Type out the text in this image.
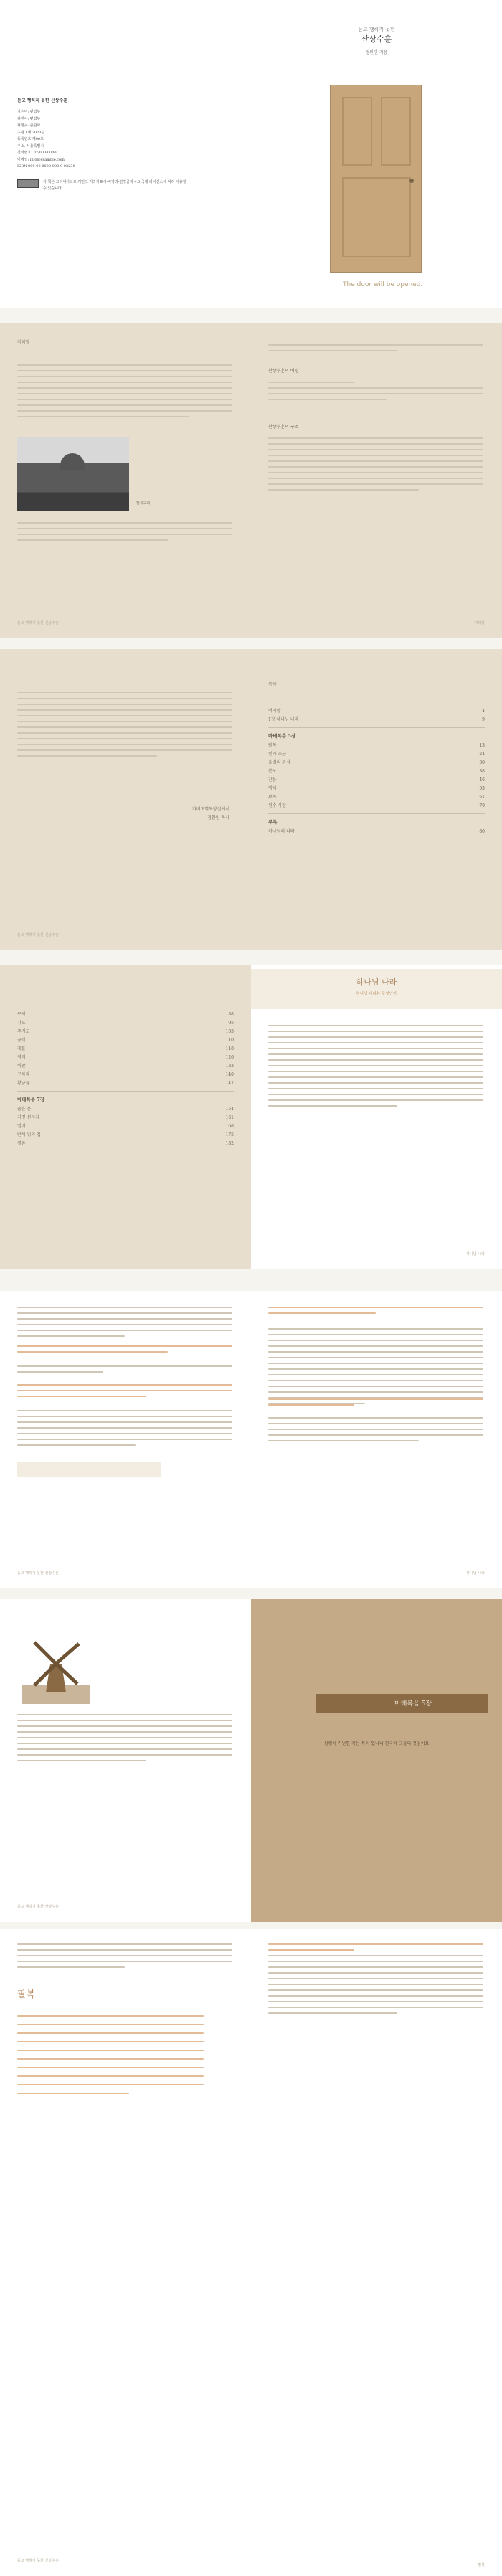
듣고 행하지 못한 산상수훈
지은이: 편집부
펴낸이: 편집부
펴낸곳: 출판사
초판 1쇄 2023년
등록번호 제00호
주소: 서울특별시
전화번호: 02-000-0000
이메일: info@example.com
ISBN 000-00-0000-000-0 03230
이 책은 크리에이티브 커먼즈 저작자표시-비영리-변경금지 4.0 국제 라이선스에 따라 이용할 수 있습니다.
듣고 행하지 못한
산상수훈
정완인 지음
The door will be opened.
머리말
팔복교회
듣고 행하지 못한 산상수훈
산상수훈의 배경
산상수훈의 구조
머리말
가배교회목양실에서
정완인 목사
듣고 행하지 못한 산상수훈
목차
머리말	4
1장 하나님 나라	9
마태복음 5장
팔복	13
빛과 소금	24
율법의 완성	30
분노	38
간음	46
맹세	53
보복	61
원수 사랑	70
부록
하나님의 나라	80
구제	88
기도	95
주기도	103
금식	110
재물	118
염려	126
비판	133
구하라	140
황금률	147
마태복음 7장
좁은 문	154
거짓 선지자	161
열매	168
반석 위의 집	175
결론	182
하나님 나라
하나님 나라는 무엇인가
하나님 나라
듣고 행하지 못한 산상수훈	하나님 나라
듣고 행하지 못한 산상수훈
마태복음 5장
심령이 가난한 자는 복이 있나니 천국이 그들의 것임이요
팔복
듣고 행하지 못한 산상수훈
팔복
